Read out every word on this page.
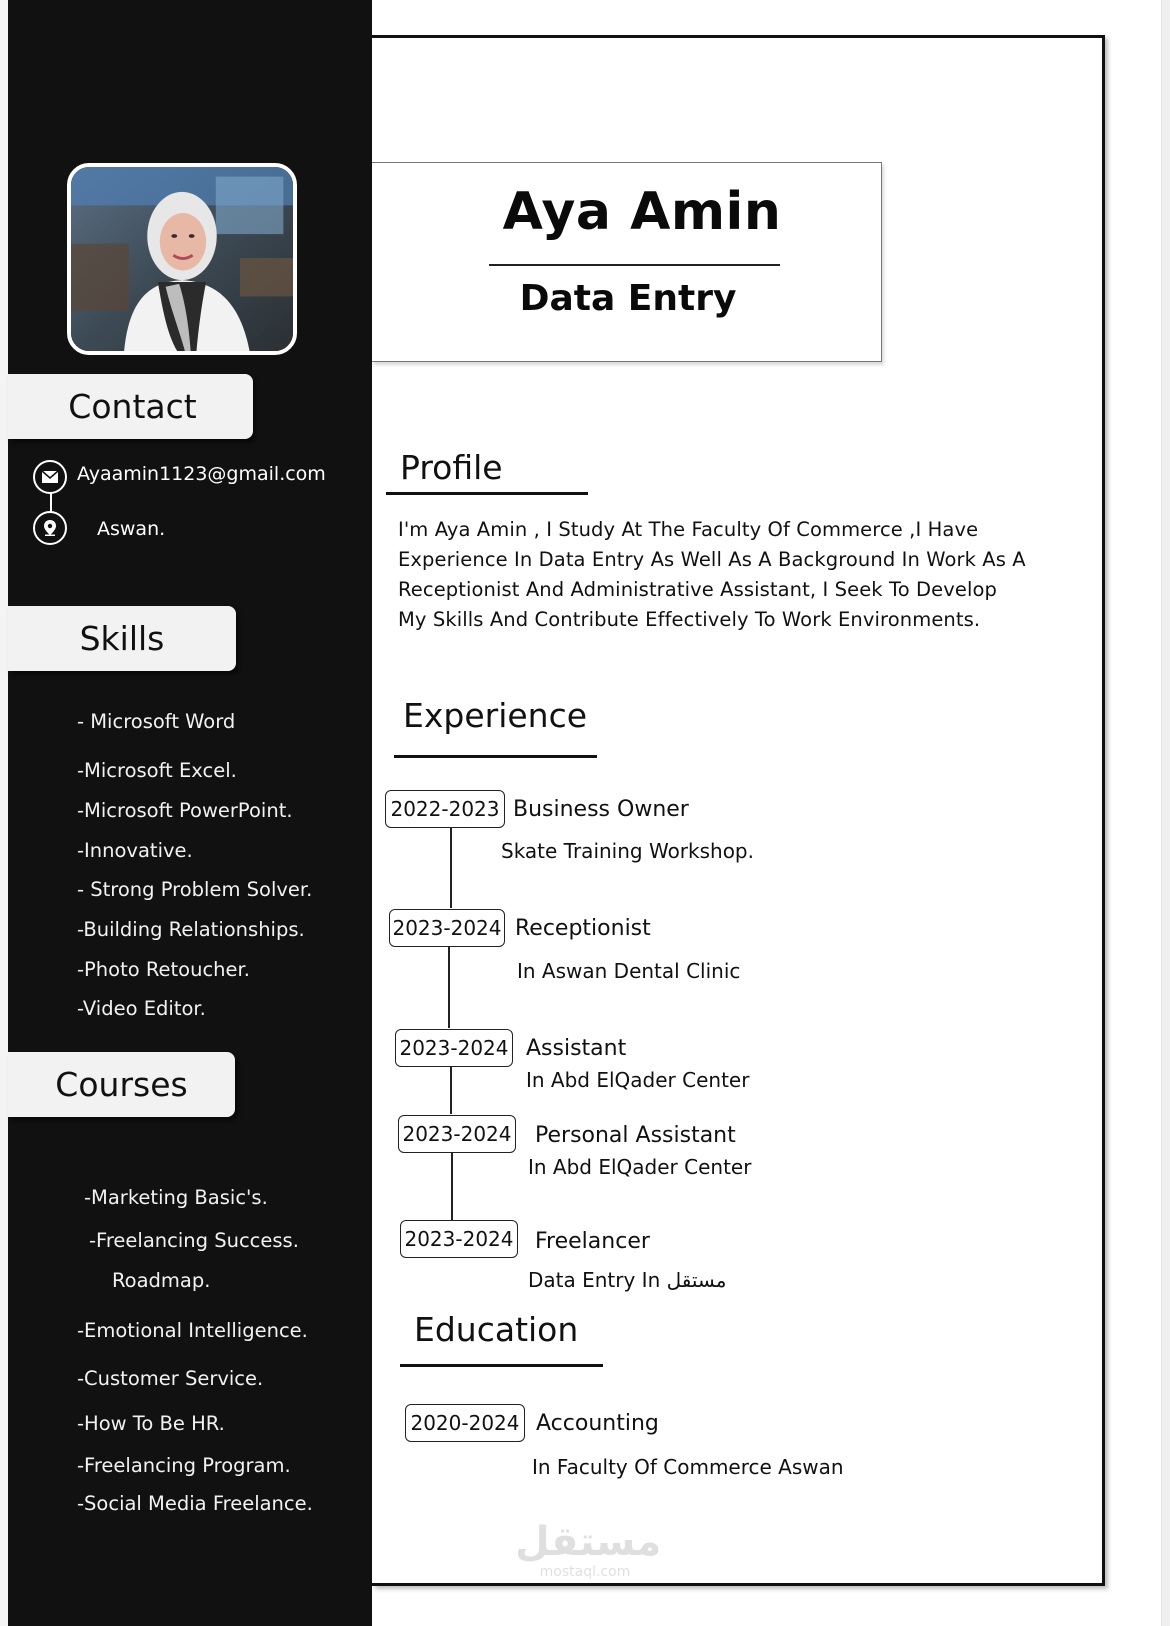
Contact
Ayaamin1123@gmail.com
Aswan.
Skills
- Microsoft Word
-Microsoft Excel.
-Microsoft PowerPoint.
-Innovative.
- Strong Problem Solver.
-Building Relationships.
-Photo Retoucher.
-Video Editor.
Courses
-Marketing Basic's.
-Freelancing Success.
Roadmap.
-Emotional Intelligence.
-Customer Service.
-How To Be HR.
-Freelancing Program.
-Social Media Freelance.
Aya Amin
Data Entry
Profile
I'm Aya Amin , I Study At The Faculty Of Commerce ,I Have
Experience In Data Entry As Well As A Background In Work As A
Receptionist And Administrative Assistant, I Seek To Develop
My Skills And Contribute Effectively To Work Environments.
Experience
2022-2023 Business Owner
Skate Training Workshop.
2023-2024 Receptionist
In Aswan Dental Clinic
2023-2024 Assistant
In Abd ElQader Center
2023-2024 Personal Assistant
In Abd ElQader Center
2023-2024 Freelancer
Data Entry In مستقل
Education
2020-2024 Accounting
In Faculty Of Commerce Aswan
مستقل
mostaql.com
